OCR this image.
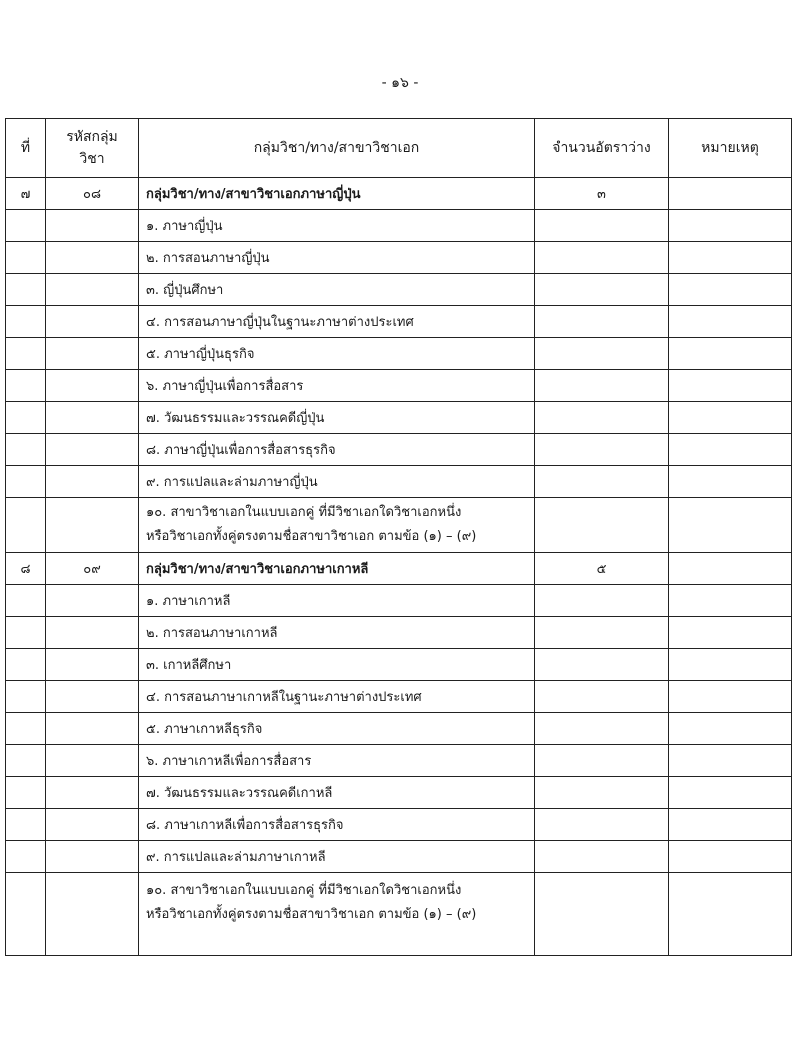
- ๑๖ -
ที่	รหัสกลุ่ม วิชา	กลุ่มวิชา/ทาง/สาขาวิชาเอก	จำนวนอัตราว่าง	หมายเหตุ
๗	๐๘	กลุ่มวิชา/ทาง/สาขาวิชาเอกภาษาญี่ปุ่น	๓	
		๑. ภาษาญี่ปุ่น		
		๒. การสอนภาษาญี่ปุ่น		
		๓. ญี่ปุ่นศึกษา		
		๔. การสอนภาษาญี่ปุ่นในฐานะภาษาต่างประเทศ		
		๕. ภาษาญี่ปุ่นธุรกิจ		
		๖. ภาษาญี่ปุ่นเพื่อการสื่อสาร		
		๗. วัฒนธรรมและวรรณคดีญี่ปุ่น		
		๘. ภาษาญี่ปุ่นเพื่อการสื่อสารธุรกิจ		
		๙. การแปลและล่ามภาษาญี่ปุ่น		

		๑๐. สาขาวิชาเอกในแบบเอกคู่ ที่มีวิชาเอกใดวิชาเอกหนึ่ง
หรือวิชาเอกทั้งคู่ตรงตามชื่อสาขาวิชาเอก ตามข้อ (๑) – (๙)		

๘	๐๙	กลุ่มวิชา/ทาง/สาขาวิชาเอกภาษาเกาหลี	๕	
		๑. ภาษาเกาหลี		
		๒. การสอนภาษาเกาหลี		
		๓. เกาหลีศึกษา		
		๔. การสอนภาษาเกาหลีในฐานะภาษาต่างประเทศ		
		๕. ภาษาเกาหลีธุรกิจ		
		๖. ภาษาเกาหลีเพื่อการสื่อสาร		
		๗. วัฒนธรรมและวรรณคดีเกาหลี		
		๘. ภาษาเกาหลีเพื่อการสื่อสารธุรกิจ		
		๙. การแปลและล่ามภาษาเกาหลี		

		๑๐. สาขาวิชาเอกในแบบเอกคู่ ที่มีวิชาเอกใดวิชาเอกหนึ่ง
หรือวิชาเอกทั้งคู่ตรงตามชื่อสาขาวิชาเอก ตามข้อ (๑) – (๙)		
